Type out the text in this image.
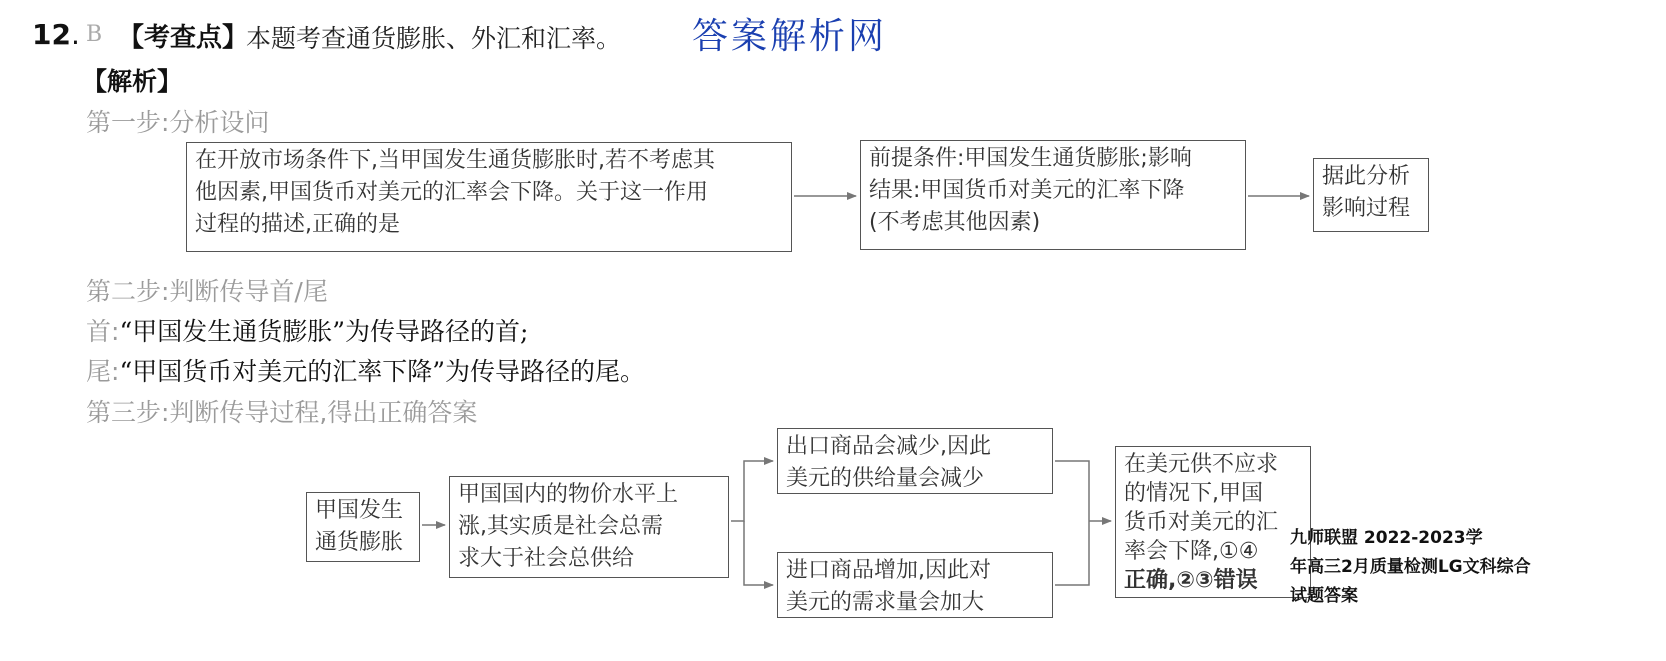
12. B 【考查点】
本题考查通货膨胀、外汇和汇率。 答案解析网
【解析】
第一步:分析设问
在开放市场条件下,当甲国发生通货膨胀时,若不考虑其
他因素,甲国货币对美元的汇率会下降。关于这一作用
过程的描述,正确的是
前提条件:甲国发生通货膨胀;影响
结果:甲国货币对美元的汇率下降
(不考虑其他因素)
据此分析
影响过程
第二步:判断传导首/尾
首:“甲国发生通货膨胀”为传导路径的首;
尾:“甲国货币对美元的汇率下降”为传导路径的尾。
第三步:判断传导过程,得出正确答案
甲国发生
通货膨胀
甲国国内的物价水平上
涨,其实质是社会总需
求大于社会总供给
出口商品会减少,因此
美元的供给量会减少
进口商品增加,因此对
美元的需求量会加大
在美元供不应求
的情况下,甲国
货币对美元的汇
率会下降,①④
正确,②③错误
九师联盟 2022-2023学
年高三2月质量检测LG文科综合
试题答案
